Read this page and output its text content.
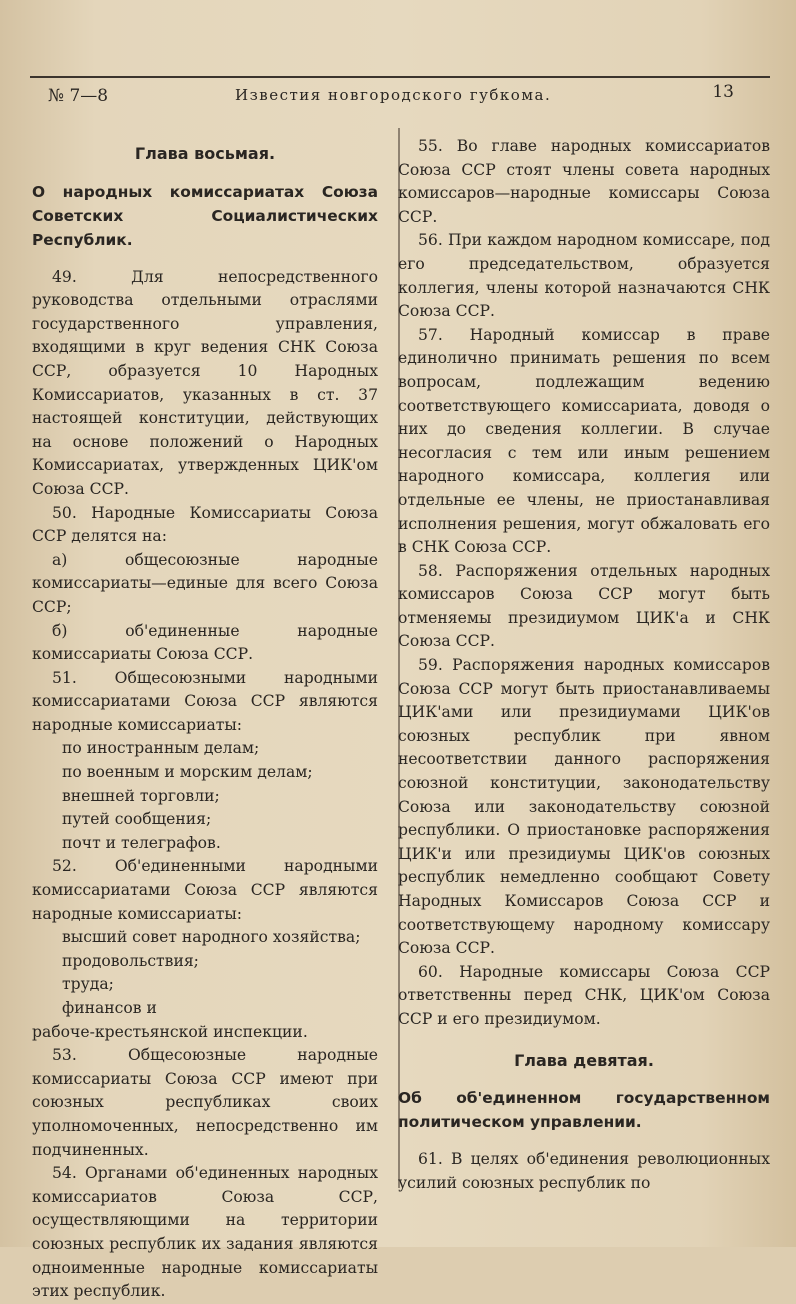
№ 7—8	Известия новгородского губкома.	13
Глава восьмая.
О народных комиссариатах Союза Советских Социалистических Республик.

49. Для непосредственного руководства отдельными отраслями государственного управления, входящими в круг ведения СНК Союза ССР, образуется 10 Народных Комиссариатов, указанных в ст. 37 настоящей конституции, действующих на основе положений о Народных Комиссариатах, утвержденных ЦИК'ом Союза ССР.

50. Народные Комиссариаты Союза ССР делятся на:

а) общесоюзные народные комиссариаты—единые для всего Союза ССР;

б) об'единенные народные комиссариаты Союза ССР.

51. Общесоюзными народными комиссариатами Союза ССР являются народные комиссариаты:

по иностранным делам;

по военным и морским делам;

внешней торговли;

путей сообщения;

почт и телеграфов.

52. Об'единенными народными комиссариатами Союза ССР являются народные комиссариаты:

высший совет народного хозяйства;

продовольствия;

труда;

финансов и

рабоче-крестьянской инспекции.

53. Общесоюзные народные комиссариаты Союза ССР имеют при союзных республиках своих уполномоченных, непосредственно им подчиненных.

54. Органами об'единенных народных комиссариатов Союза ССР, осуществляющими на территории союзных республик их задания являются одноименные народные комиссариаты этих республик.

55. Во главе народных комиссариатов Союза ССР стоят члены совета народных комиссаров—народные комиссары Союза ССР.

56. При каждом народном комиссаре, под его председательством, образуется коллегия, члены которой назначаются СНК Союза ССР.

57. Народный комиссар в праве единолично принимать решения по всем вопросам, подлежащим ведению соответствующего комиссариата, доводя о них до сведения коллегии. В случае несогласия с тем или иным решением народного комиссара, коллегия или отдельные ее члены, не приостанавливая исполнения решения, могут обжаловать его в СНК Союза ССР.

58. Распоряжения отдельных народных комиссаров Союза ССР могут быть отменяемы президиумом ЦИК'а и СНК Союза ССР.

59. Распоряжения народных комиссаров Союза ССР могут быть приостанавливаемы ЦИК'ами или президиумами ЦИК'ов союзных республик при явном несоответствии данного распоряжения союзной конституции, законодательству Союза или законодательству союзной республики. О приостановке распоряжения ЦИК'и или президиумы ЦИК'ов союзных республик немедленно сообщают Совету Народных Комиссаров Союза ССР и соответствующему народному комиссару Союза ССР.

60. Народные комиссары Союза ССР ответственны перед СНК, ЦИК'ом Союза ССР и его президиумом.

Глава девятая.
Об об'единенном государственном политическом управлении.

61. В целях об'единения революционных усилий союзных республик по
